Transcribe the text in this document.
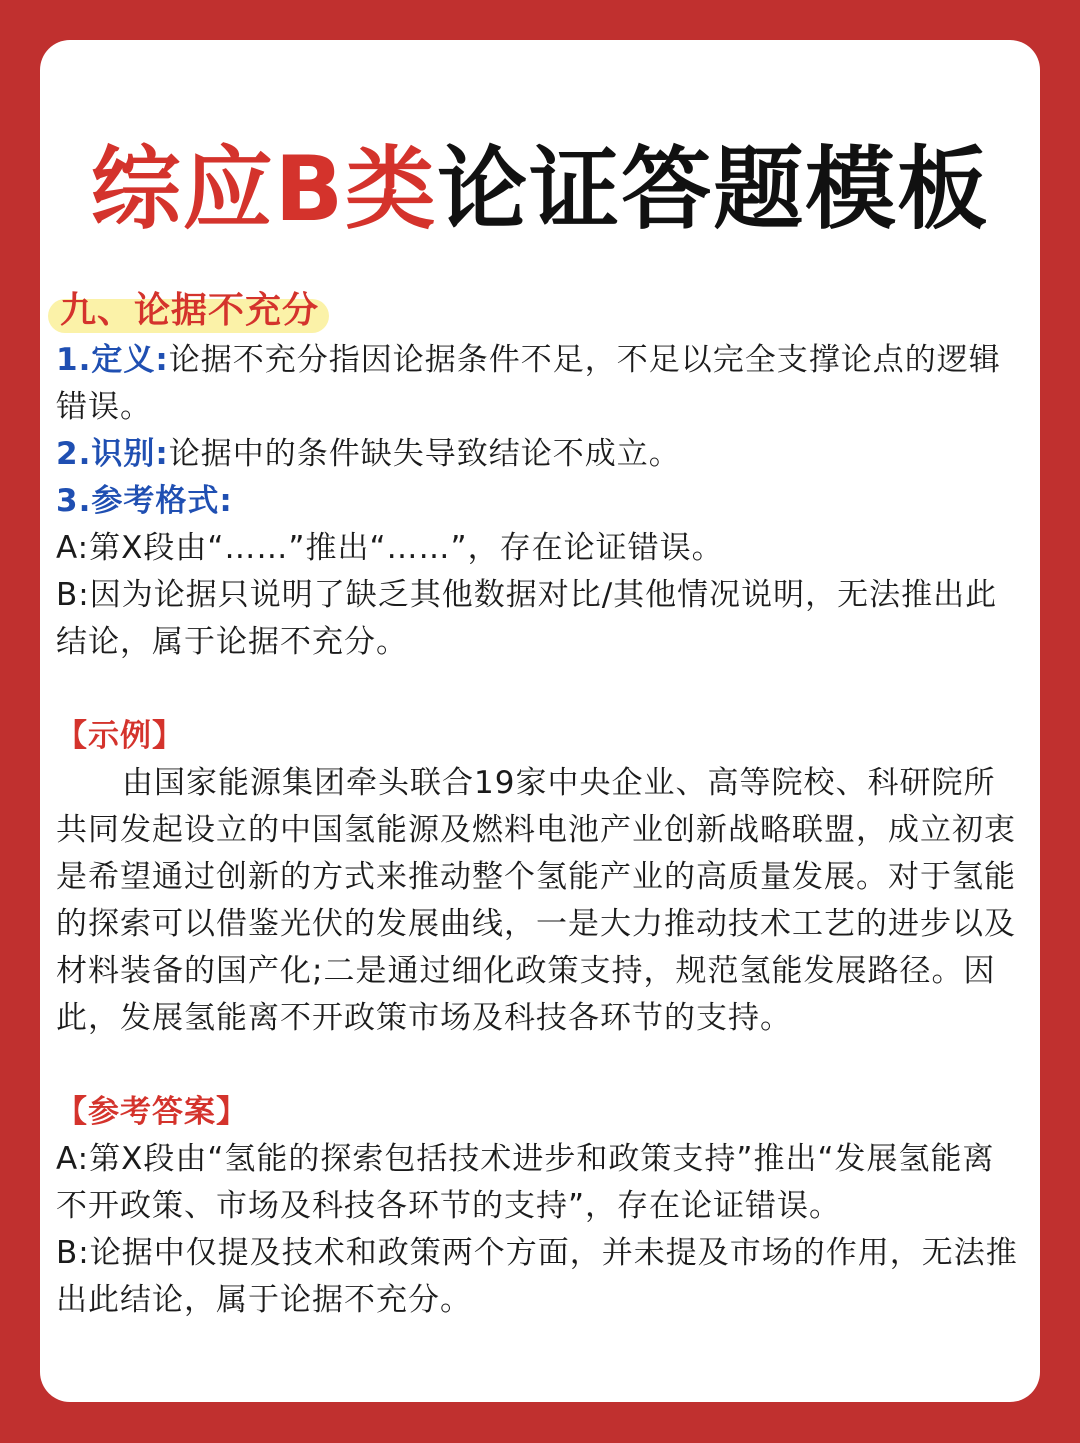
综应B类论证答题模板
九、论据不充分

1.定义:论据不充分指因论据条件不足，不足以完全支撑论点的逻辑错误。

2.识别:论据中的条件缺失导致结论不成立。

3.参考格式:

A:第X段由“……”推出“……”，存在论证错误。

B:因为论据只说明了缺乏其他数据对比/其他情况说明，无法推出此结论，属于论据不充分。

【示例】

由国家能源集团牵头联合19家中央企业、高等院校、科研院所共同发起设立的中国氢能源及燃料电池产业创新战略联盟，成立初衷是希望通过创新的方式来推动整个氢能产业的高质量发展。对于氢能的探索可以借鉴光伏的发展曲线，一是大力推动技术工艺的进步以及材料装备的国产化;二是通过细化政策支持，规范氢能发展路径。因此，发展氢能离不开政策市场及科技各环节的支持。

【参考答案】

A:第X段由“氢能的探索包括技术进步和政策支持”推出“发展氢能离不开政策、市场及科技各环节的支持”，存在论证错误。

B:论据中仅提及技术和政策两个方面，并未提及市场的作用，无法推出此结论，属于论据不充分。
